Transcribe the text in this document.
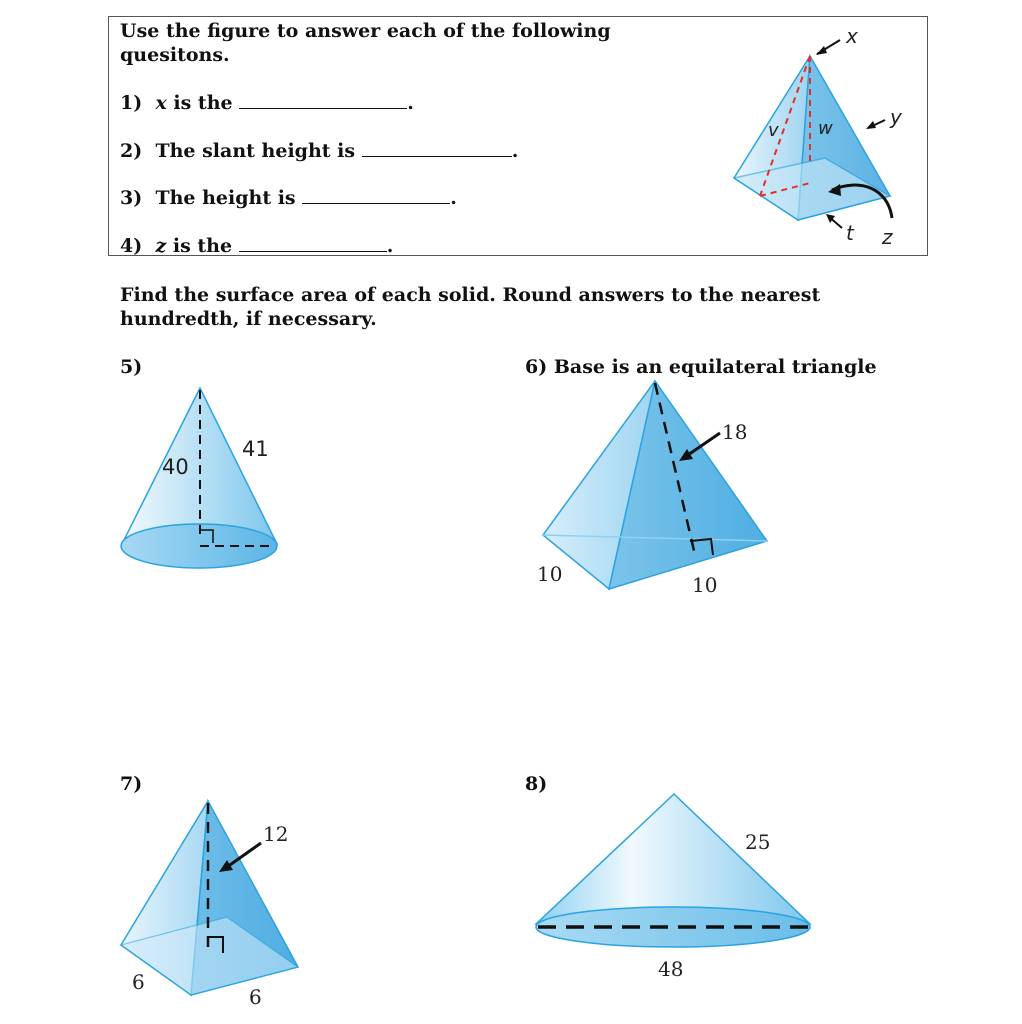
Use the figure to answer each of the following
quesitons.
1) x is the	.
2) The slant height is	.
3) The height is	.
4) z is the	.
x
y
v w
t z
Find the surface area of each solid. Round answers to the nearest
hundredth, if necessary.
5)
40
41
6) Base is an equilateral triangle
18
10	10
7)
12
6
6
8)
25
48
